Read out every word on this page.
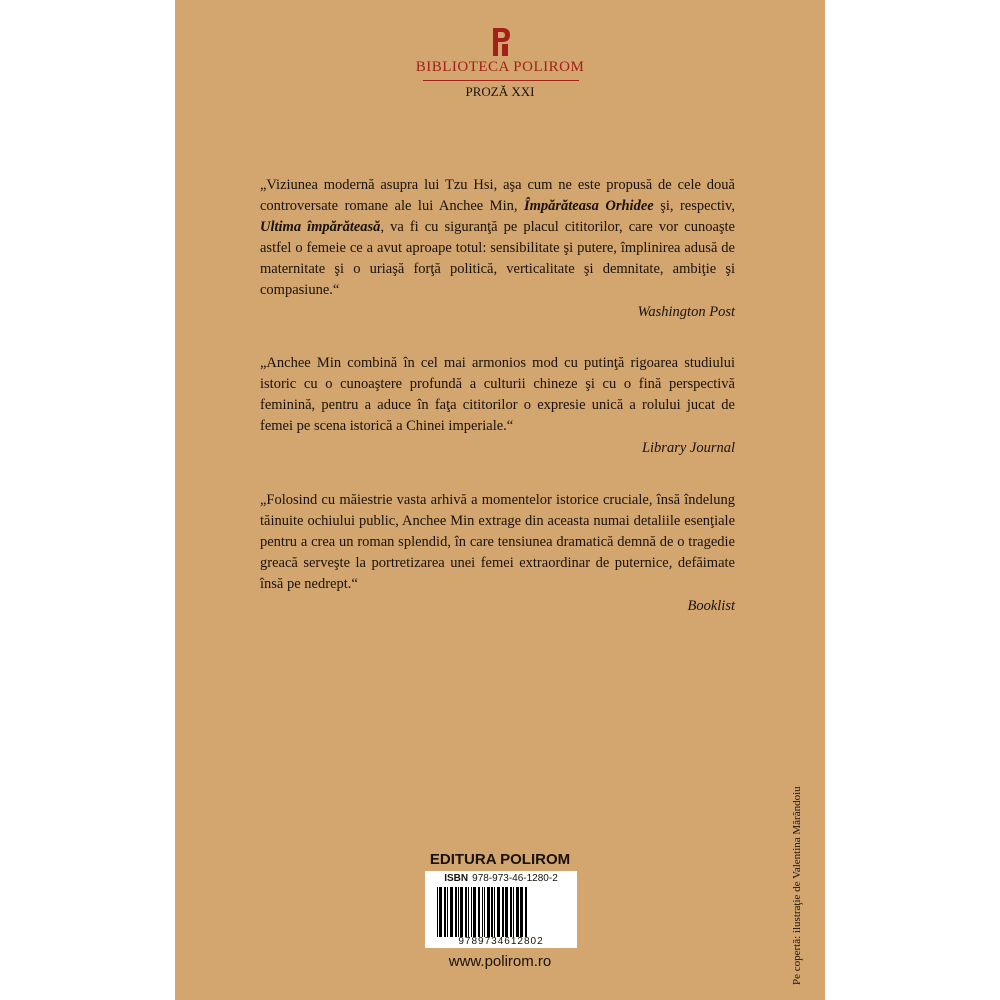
BIBLIOTECA POLIROM
PROZĂ XXI

„Viziunea modernă asupra lui Tzu Hsi, aşa cum ne este propusă de cele două controversate romane ale lui Anchee Min, Împărăteasa Orhidee şi, respectiv, Ultima împărăteasă, va fi cu siguranţă pe placul cititorilor, care vor cunoaşte astfel o femeie ce a avut aproape totul: sensibilitate şi putere, împlinirea adusă de maternitate şi o uriaşă forţă politică, verticalitate şi demnitate, ambiţie şi compasiune.“

Washington Post

„Anchee Min combină în cel mai armonios mod cu putinţă rigoarea studiului istoric cu o cunoaştere profundă a culturii chineze şi cu o fină perspectivă feminină, pentru a aduce în faţa cititorilor o expresie unică a rolului jucat de femei pe scena istorică a Chinei imperiale.“

Library Journal

„Folosind cu măiestrie vasta arhivă a momentelor istorice cruciale, însă îndelung tăinuite ochiului public, Anchee Min extrage din aceasta numai detaliile esenţiale pentru a crea un roman splendid, în care tensiunea dramatică demnă de o tragedie greacă serveşte la portretizarea unei femei extraordinar de puternice, defăimate însă pe nedrept.“

Booklist
Pe copertă: ilustraţie de Valentina Mărăndoiu
EDITURA POLIROM
ISBN 978-973-46-1280-2
9789734612802
www.polirom.ro
